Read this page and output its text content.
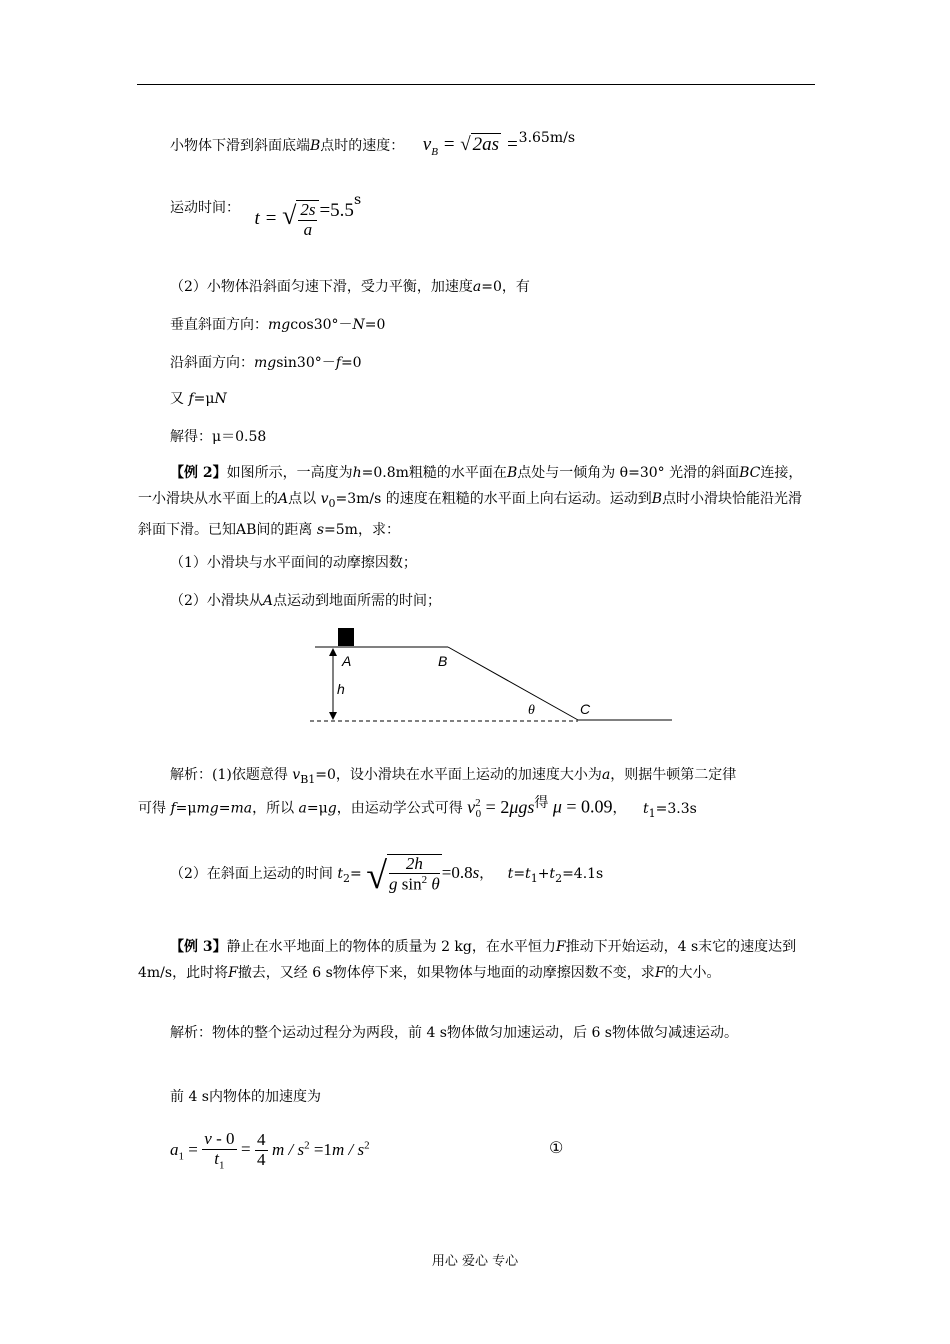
小物体下滑到斜面底端B点时的速度： $v_B$ = √ 2as =$^{3.65m/s}$
运动时间： t = √ $\frac{2s}{a} =5.5^s$
（2）小物体沿斜面匀速下滑，受力平衡，加速度a=0，有
垂直斜面方向：mgcos30°－N=0
沿斜面方向：mgsin30°－f=0
又 f=μN
解得：μ＝0.58
【例 2】如图所示，一高度为h=0.8m粗糙的水平面在B点处与一倾角为 θ=30° 光滑的斜面BC连接，一小滑块从水平面上的A点以 $v_0=3m/s$ 的速度在粗糙的水平面上向右运动。运动到B点时小滑块恰能沿光滑斜面下滑。已知AB间的距离 s=5m，求：
（1）小滑块与水平面间的动摩擦因数；
（2）小滑块从A点运动到地面所需的时间；
A	B
h
θ	C
解析：(1)依题意得 $v_{B1}=0$，设小滑块在水平面上运动的加速度大小为a，则据牛顿第二定律
可得 f=μmg=ma，所以 a=μg，由运动学公式可得 $v^2_0 = 2\mu gs^得$ μ = 0.09， $t_1=3.3s$
（2）在斜面上运动的时间 $t_2=$ √ $\frac{2h}{g \sin^2 \theta} =0.8s$， $t=t_1+t_2=4.1s$
【例 3】静止在水平地面上的物体的质量为 2 kg，在水平恒力F推动下开始运动，4 s末它的速度达到4m/s，此时将F撤去，又经 6 s物体停下来，如果物体与地面的动摩擦因数不变，求F的大小。
解析：物体的整个运动过程分为两段，前 4 s物体做匀加速运动，后 6 s物体做匀减速运动。
前 4 s内物体的加速度为
$a_1 = \frac{v - 0}{t_1} = \frac{4}{4}$ $m / s^2 =1m / s^2$	①
用心 爱心 专心
